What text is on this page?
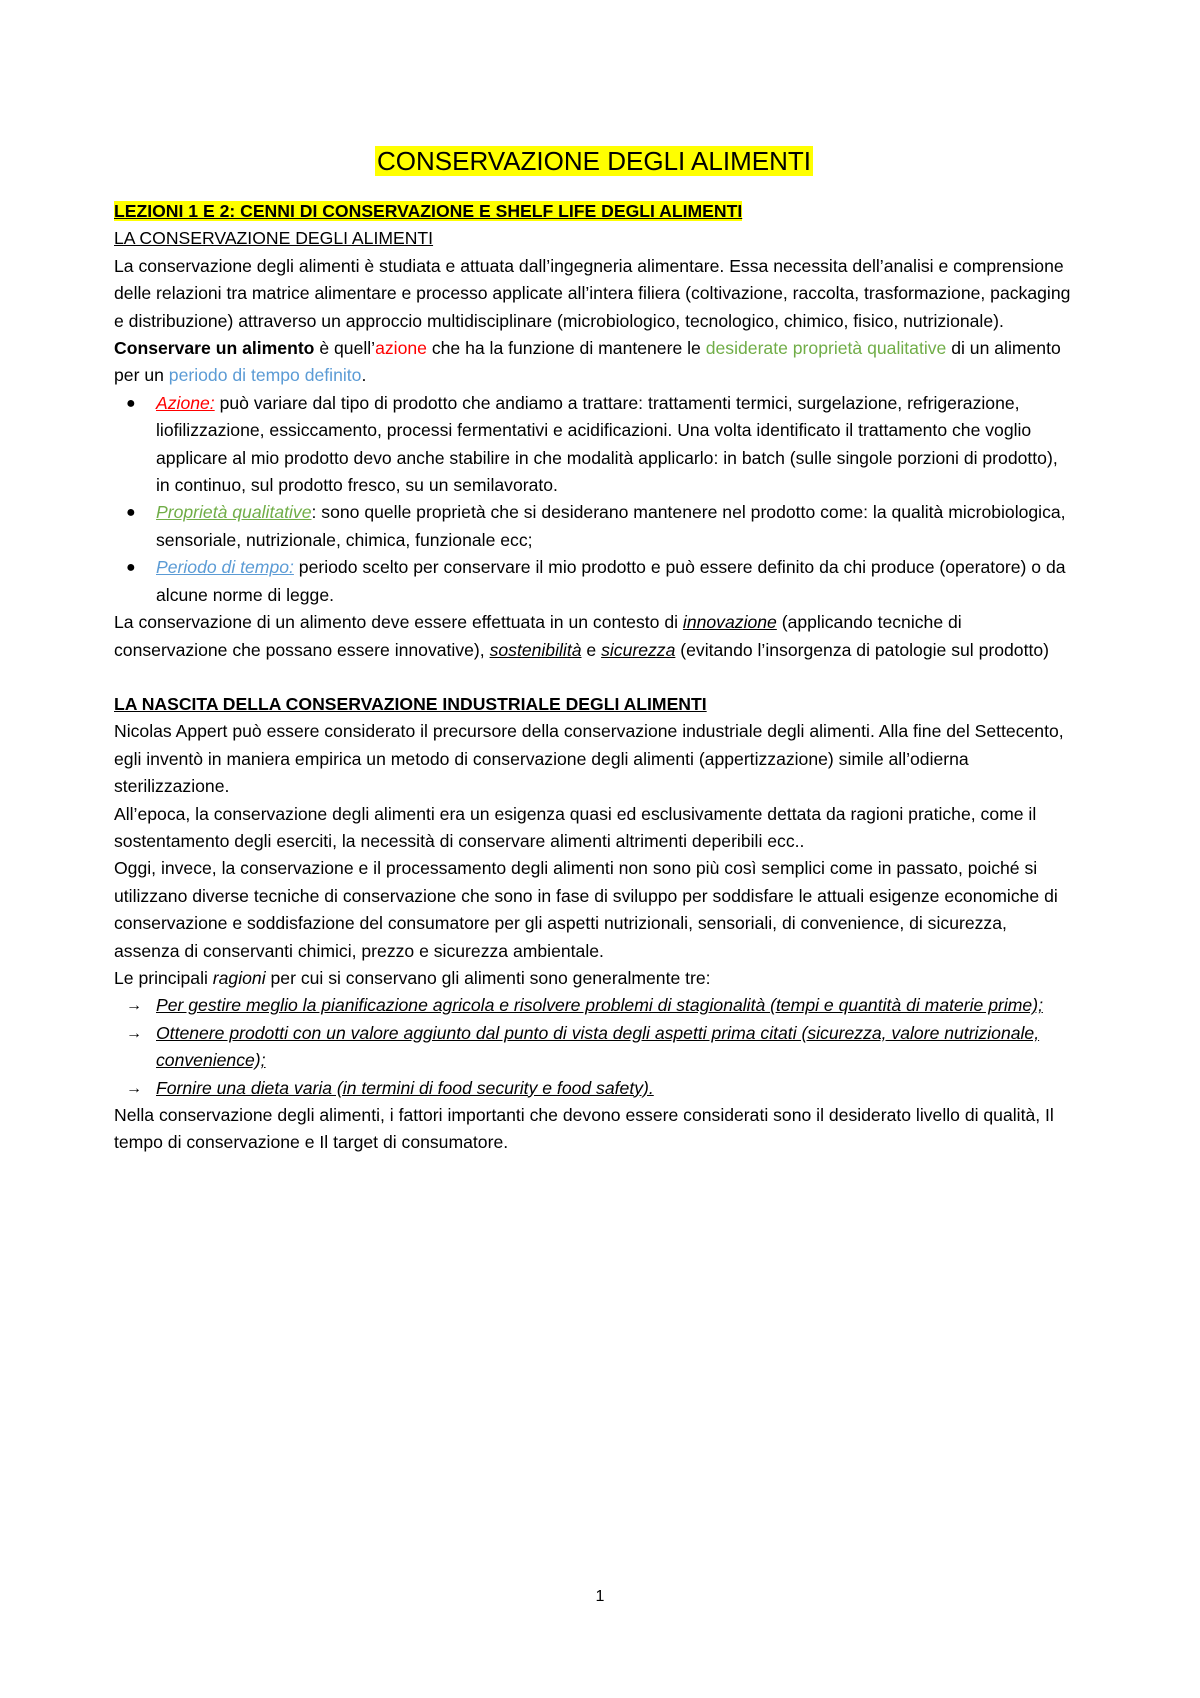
CONSERVAZIONE DEGLI ALIMENTI

LEZIONI 1 E 2: CENNI DI CONSERVAZIONE E SHELF LIFE DEGLI ALIMENTI

LA CONSERVAZIONE DEGLI ALIMENTI

La conservazione degli alimenti è studiata e attuata dall’ingegneria alimentare. Essa necessita dell’analisi e comprensione delle relazioni tra matrice alimentare e processo applicate all’intera filiera (coltivazione, raccolta, trasformazione, packaging e distribuzione) attraverso un approccio multidisciplinare (microbiologico, tecnologico, chimico, fisico, nutrizionale).

Conservare un alimento è quell’azione che ha la funzione di mantenere le desiderate proprietà qualitative di un alimento per un periodo di tempo definito.

● Azione: può variare dal tipo di prodotto che andiamo a trattare: trattamenti termici, surgelazione, refrigerazione, liofilizzazione, essiccamento, processi fermentativi e acidificazioni. Una volta identificato il trattamento che voglio applicare al mio prodotto devo anche stabilire in che modalità applicarlo: in batch (sulle singole porzioni di prodotto), in continuo, sul prodotto fresco, su un semilavorato.
● Proprietà qualitative: sono quelle proprietà che si desiderano mantenere nel prodotto come: la qualità microbiologica, sensoriale, nutrizionale, chimica, funzionale ecc;
● Periodo di tempo: periodo scelto per conservare il mio prodotto e può essere definito da chi produce (operatore) o da alcune norme di legge.

La conservazione di un alimento deve essere effettuata in un contesto di innovazione (applicando tecniche di conservazione che possano essere innovative), sostenibilità e sicurezza (evitando l’insorgenza di patologie sul prodotto)

LA NASCITA DELLA CONSERVAZIONE INDUSTRIALE DEGLI ALIMENTI

Nicolas Appert può essere considerato il precursore della conservazione industriale degli alimenti. Alla fine del Settecento, egli inventò in maniera empirica un metodo di conservazione degli alimenti (appertizzazione) simile all’odierna sterilizzazione.

All’epoca, la conservazione degli alimenti era un esigenza quasi ed esclusivamente dettata da ragioni pratiche, come il sostentamento degli eserciti, la necessità di conservare alimenti altrimenti deperibili ecc..

Oggi, invece, la conservazione e il processamento degli alimenti non sono più così semplici come in passato, poiché si utilizzano diverse tecniche di conservazione che sono in fase di sviluppo per soddisfare le attuali esigenze economiche di conservazione e soddisfazione del consumatore per gli aspetti nutrizionali, sensoriali, di convenience, di sicurezza, assenza di conservanti chimici, prezzo e sicurezza ambientale.

Le principali ragioni per cui si conservano gli alimenti sono generalmente tre:

→ Per gestire meglio la pianificazione agricola e risolvere problemi di stagionalità (tempi e quantità di materie prime);
→ Ottenere prodotti con un valore aggiunto dal punto di vista degli aspetti prima citati (sicurezza, valore nutrizionale, convenience);
→ Fornire una dieta varia (in termini di food security e food safety).

Nella conservazione degli alimenti, i fattori importanti che devono essere considerati sono il desiderato livello di qualità, Il tempo di conservazione e Il target di consumatore.

1
